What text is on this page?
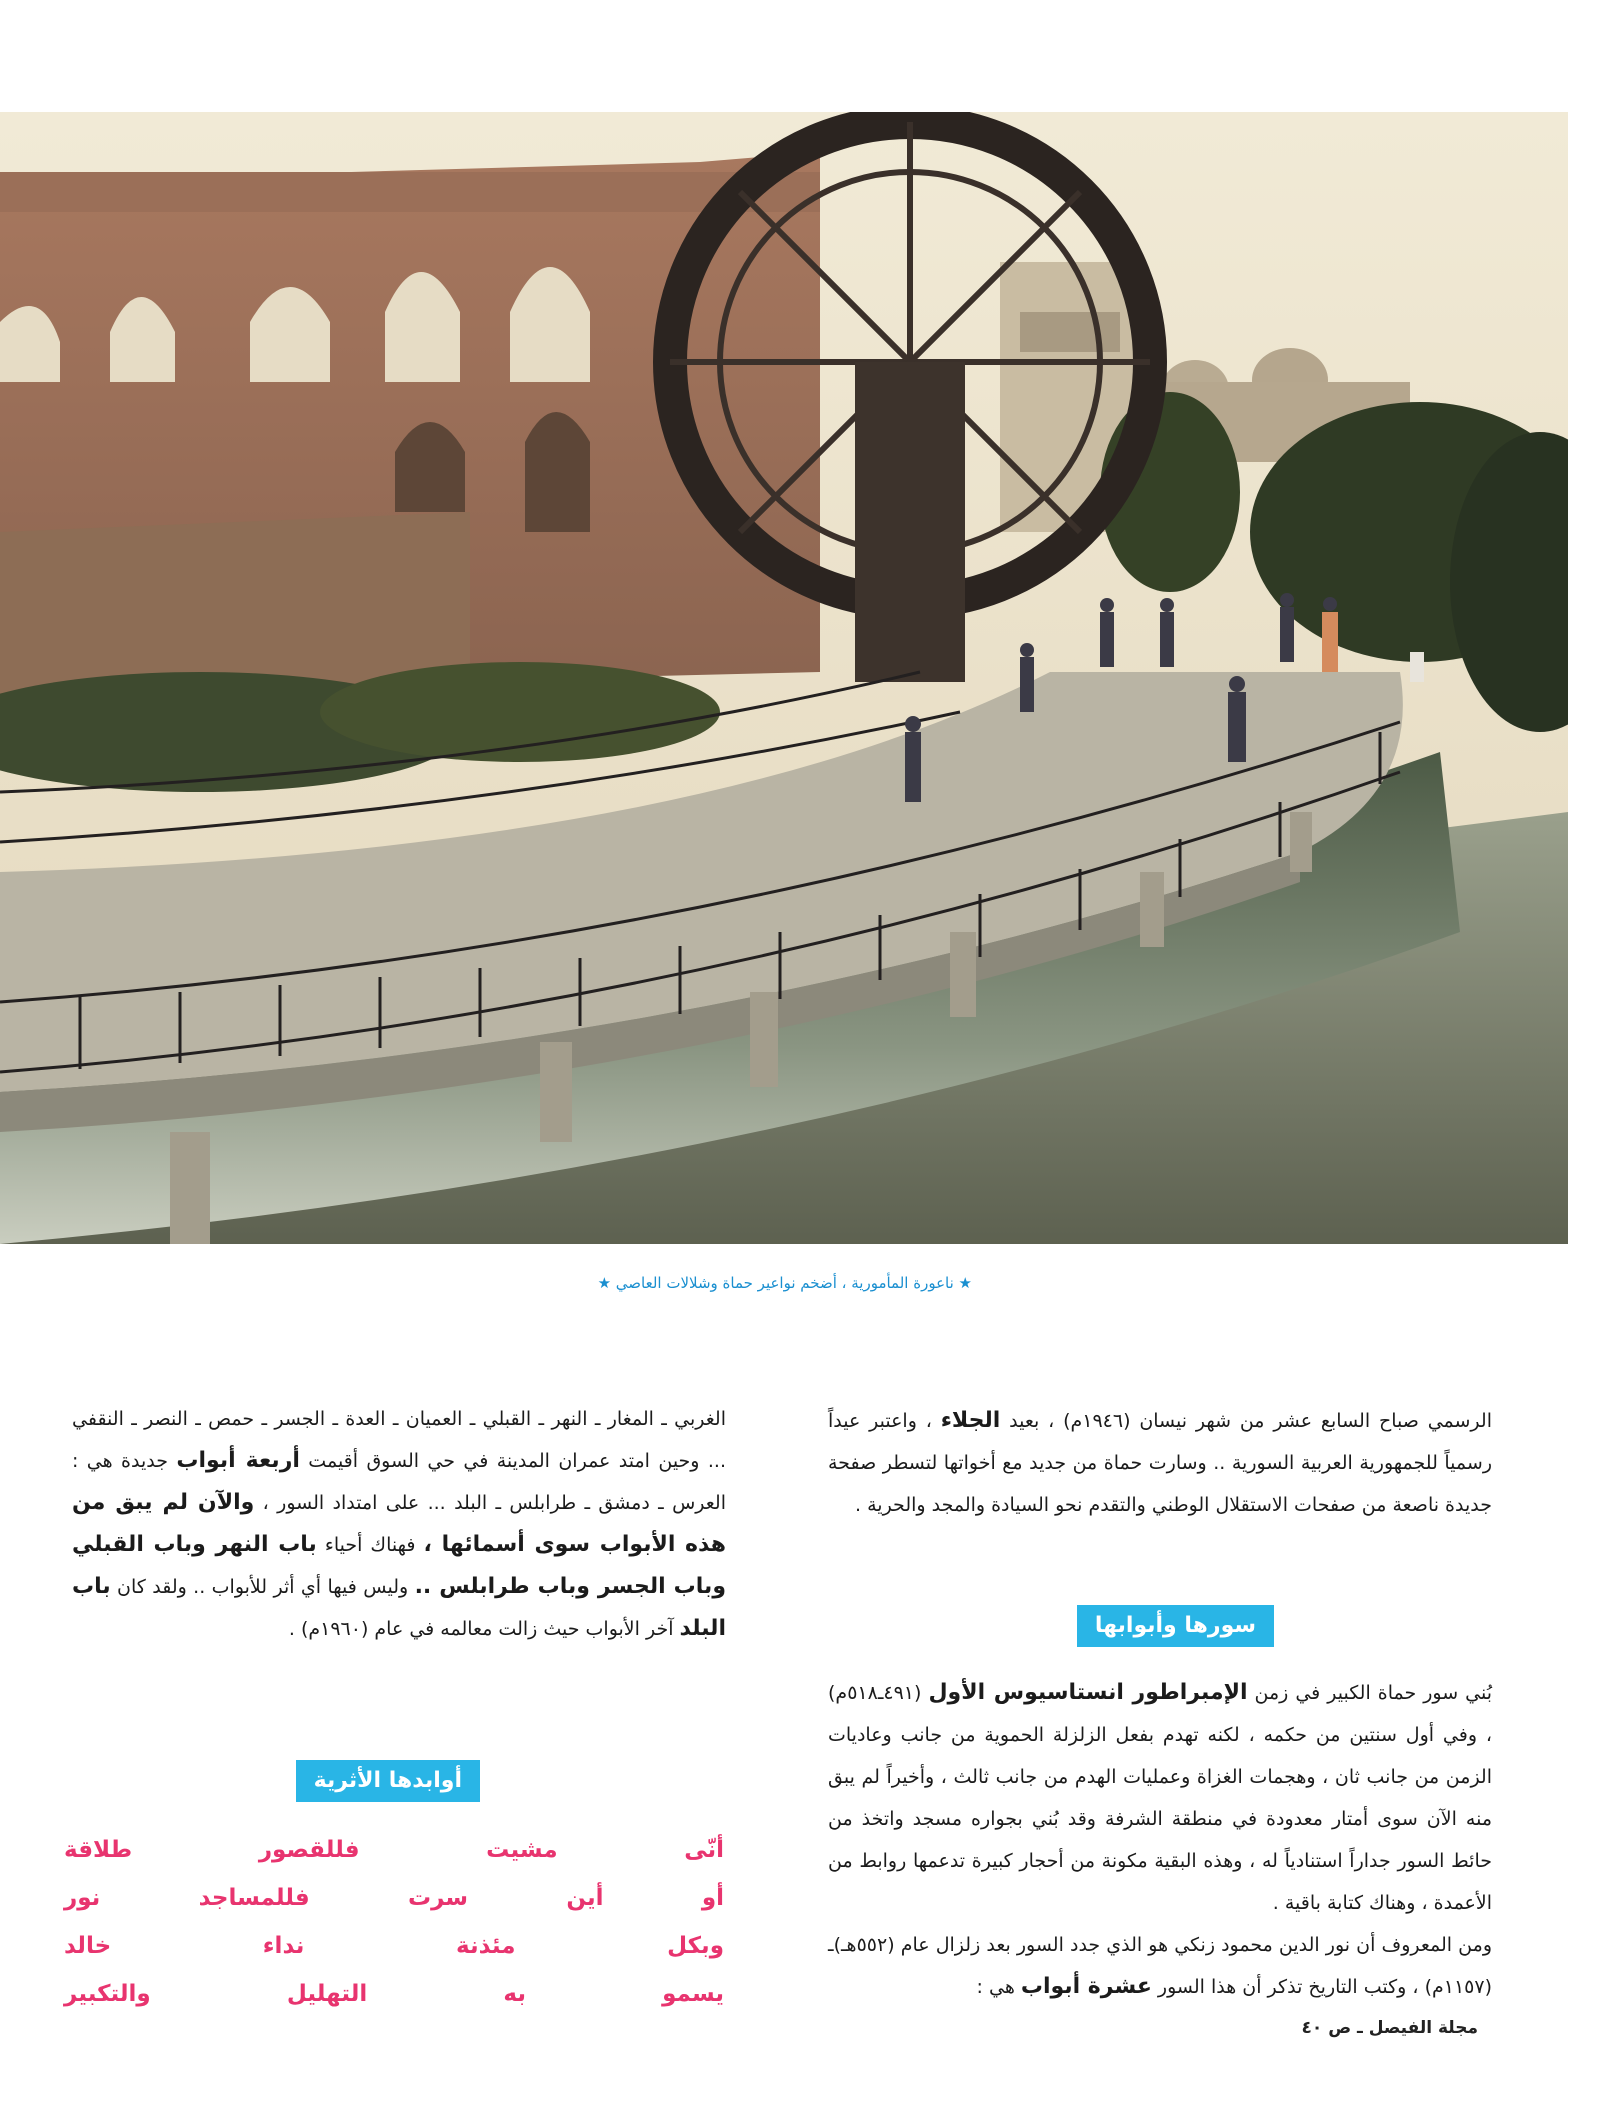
★ ناعورة المأمورية ، أضخم نواعير حماة وشلالات العاصي ★

الرسمي صباح السابع عشر من شهر نيسان (١٩٤٦م) ، بعيد الجلاء ، واعتبر عيداً رسمياً للجمهورية العربية السورية .. وسارت حماة من جديد مع أخواتها لتسطر صفحة جديدة ناصعة من صفحات الاستقلال الوطني والتقدم نحو السيادة والمجد والحرية .

سورها وأبوابها

بُني سور حماة الكبير في زمن الإمبراطور انستاسيوس الأول (٤٩١ـ٥١٨م) ، وفي أول سنتين من حكمه ، لكنه تهدم بفعل الزلزلة الحموية من جانب وعاديات الزمن من جانب ثان ، وهجمات الغزاة وعمليات الهدم من جانب ثالث ، وأخيراً لم يبق منه الآن سوى أمتار معدودة في منطقة الشرفة وقد بُني بجواره مسجد واتخذ من حائط السور جداراً استنادياً له ، وهذه البقية مكونة من أحجار كبيرة تدعمها روابط من الأعمدة ، وهناك كتابة باقية .

ومن المعروف أن نور الدين محمود زنكي هو الذي جدد السور بعد زلزال عام (٥٥٢هـ)ـ (١١٥٧م) ، وكتب التاريخ تذكر أن هذا السور عشرة أبواب هي :

الغربي ـ المغار ـ النهر ـ القبلي ـ العميان ـ العدة ـ الجسر ـ حمص ـ النصر ـ النقفي ... وحين امتد عمران المدينة في حي السوق أقيمت أربعة أبواب جديدة هي : العرس ـ دمشق ـ طرابلس ـ البلد ... على امتداد السور ، والآن لم يبق من هذه الأبواب سوى أسمائها ، فهناك أحياء باب النهر وباب القبلي وباب الجسر وباب طرابلس .. وليس فيها أي أثر للأبواب .. ولقد كان باب البلد آخر الأبواب حيث زالت معالمه في عام (١٩٦٠م) .

أوابدها الأثرية
أنّى
مشيت
فللقصور
طلاقة
أو
أين
سرت
فللمساجد
نور
وبكل
مئذنة
نداء
خالد
يسمو
به
التهليل
والتكبير
مجلة الفيصل ـ ص ٤٠
